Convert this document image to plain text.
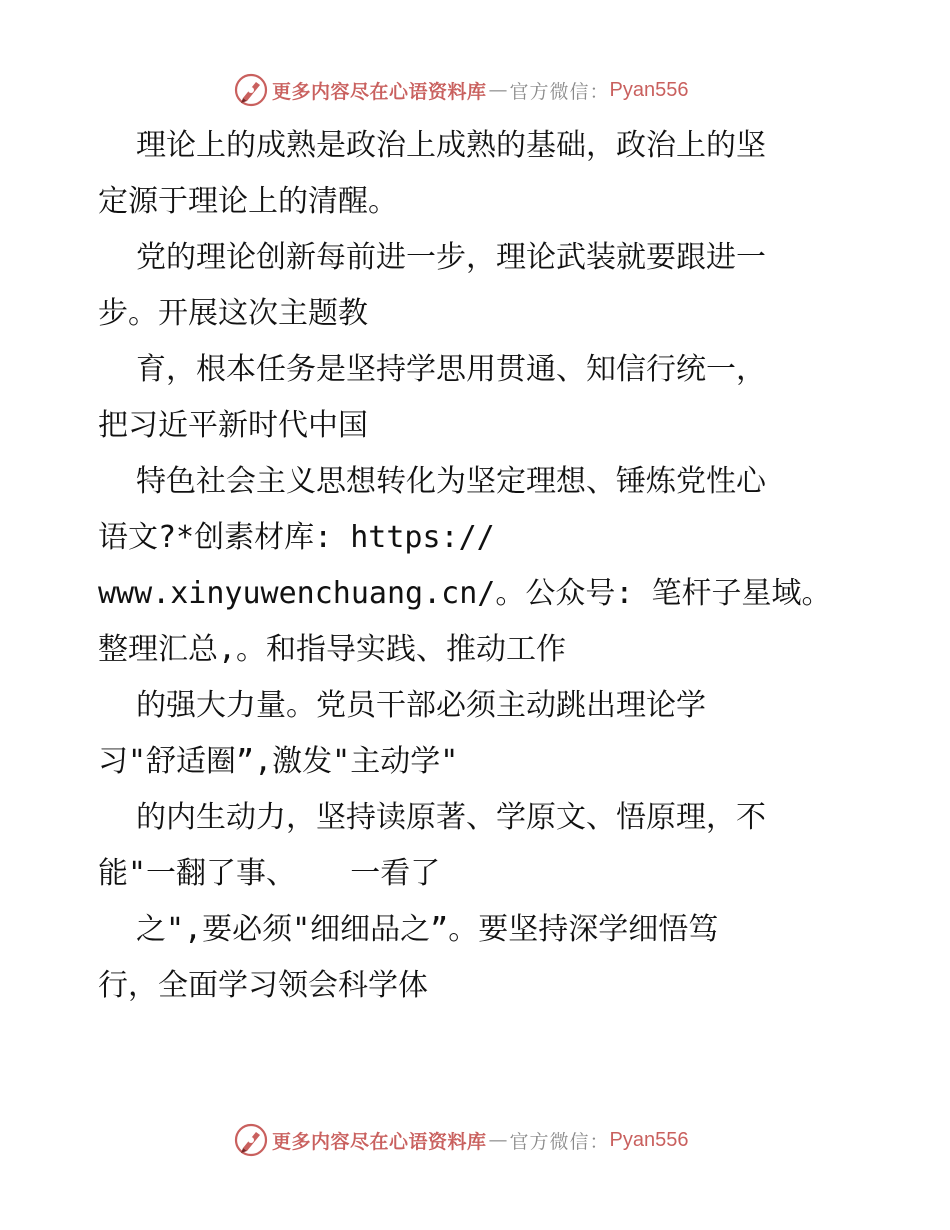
更多内容尽在心语资料库 — 官方微信： Pyan556
理论上的成熟是政治上成熟的基础，政治上的坚
定源于理论上的清醒。
党的理论创新每前进一步，理论武装就要跟进一
步。开展这次主题教
育，根本任务是坚持学思用贯通、知信行统一，
把习近平新时代中国
特色社会主义思想转化为坚定理想、锤炼党性心
语文?*创素材库: https://
www.xinyuwenchuang.cn/。公众号: 笔杆子星域。
整理汇总,。和指导实践、推动工作
的强大力量。党员干部必须主动跳出理论学
习"舒适圈”,激发"主动学"
的内生动力，坚持读原著、学原文、悟原理，不
能"一翻了事、   一看了
之",要必须"细细品之”。要坚持深学细悟笃
行，全面学习领会科学体
更多内容尽在心语资料库 — 官方微信： Pyan556
